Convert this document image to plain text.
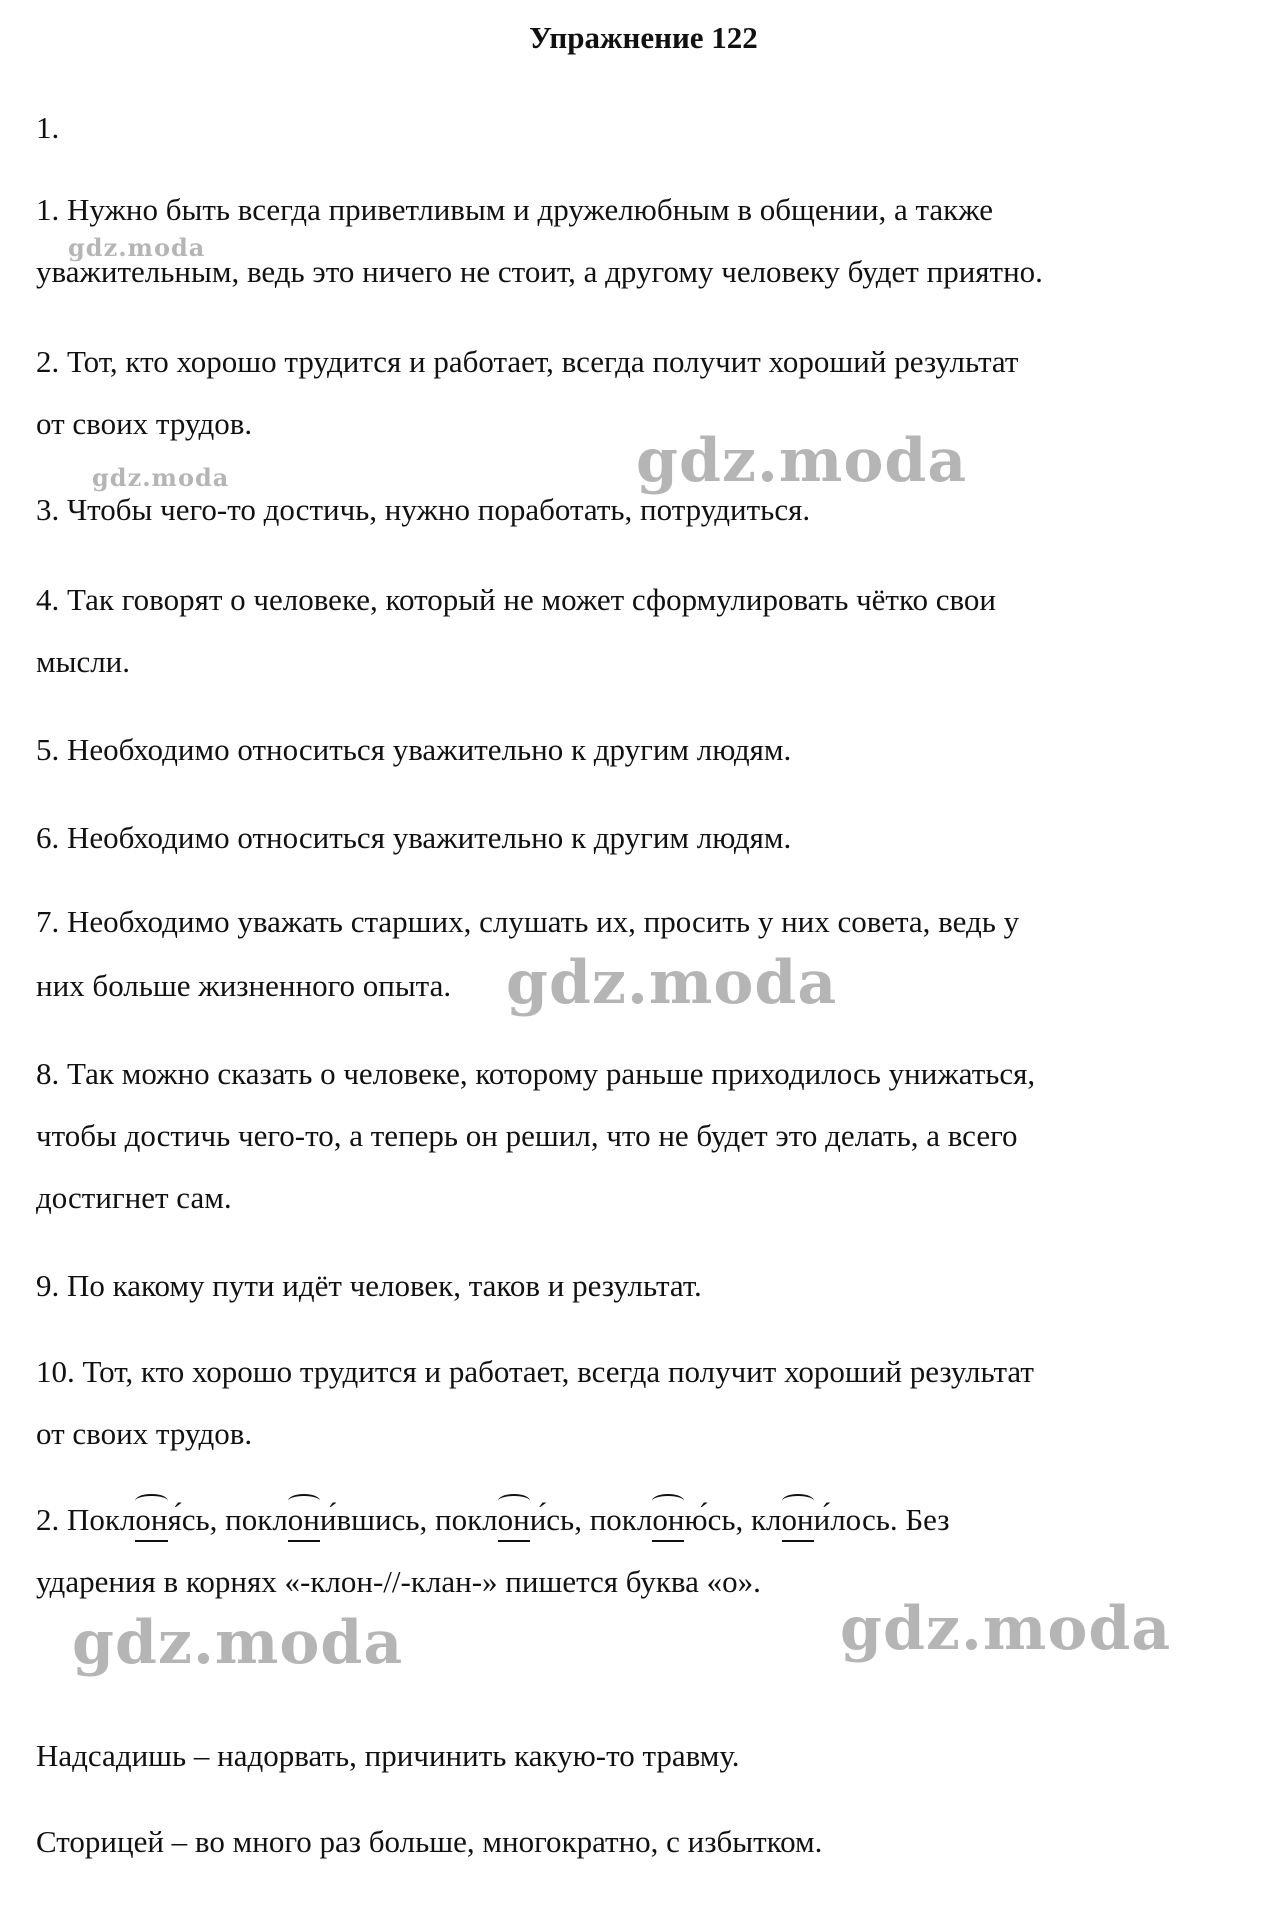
Упражнение 122
1.
1. Нужно быть всегда приветливым и дружелюбным в общении, а также
уважительным, ведь это ничего не стоит, а другому человеку будет приятно.
2. Тот, кто хорошо трудится и работает, всегда получит хороший результат
от своих трудов.
3. Чтобы чего-то достичь, нужно поработать, потрудиться.
4. Так говорят о человеке, который не может сформулировать чётко свои
мысли.
5. Необходимо относиться уважительно к другим людям.
6. Необходимо относиться уважительно к другим людям.
7. Необходимо уважать старших, слушать их, просить у них совета, ведь у
них больше жизненного опыта.
8. Так можно сказать о человеке, которому раньше приходилось унижаться,
чтобы достичь чего-то, а теперь он решил, что не будет это делать, а всего
достигнет сам.
9. По какому пути идёт человек, таков и результат.
10. Тот, кто хорошо трудится и работает, всегда получит хороший результат
от своих трудов.
2. Поклоня́сь, поклони́вшись, поклони́сь, поклоню́сь, клони́лось. Без
ударения в корнях «-клон-//-клан-» пишется буква «о».
Надсадишь – надорвать, причинить какую-то травму.
Сторицей – во много раз больше, многократно, с избытком.
gdz.moda
gdz.moda	gdz.moda
gdz.moda
gdz.moda	gdz.moda
